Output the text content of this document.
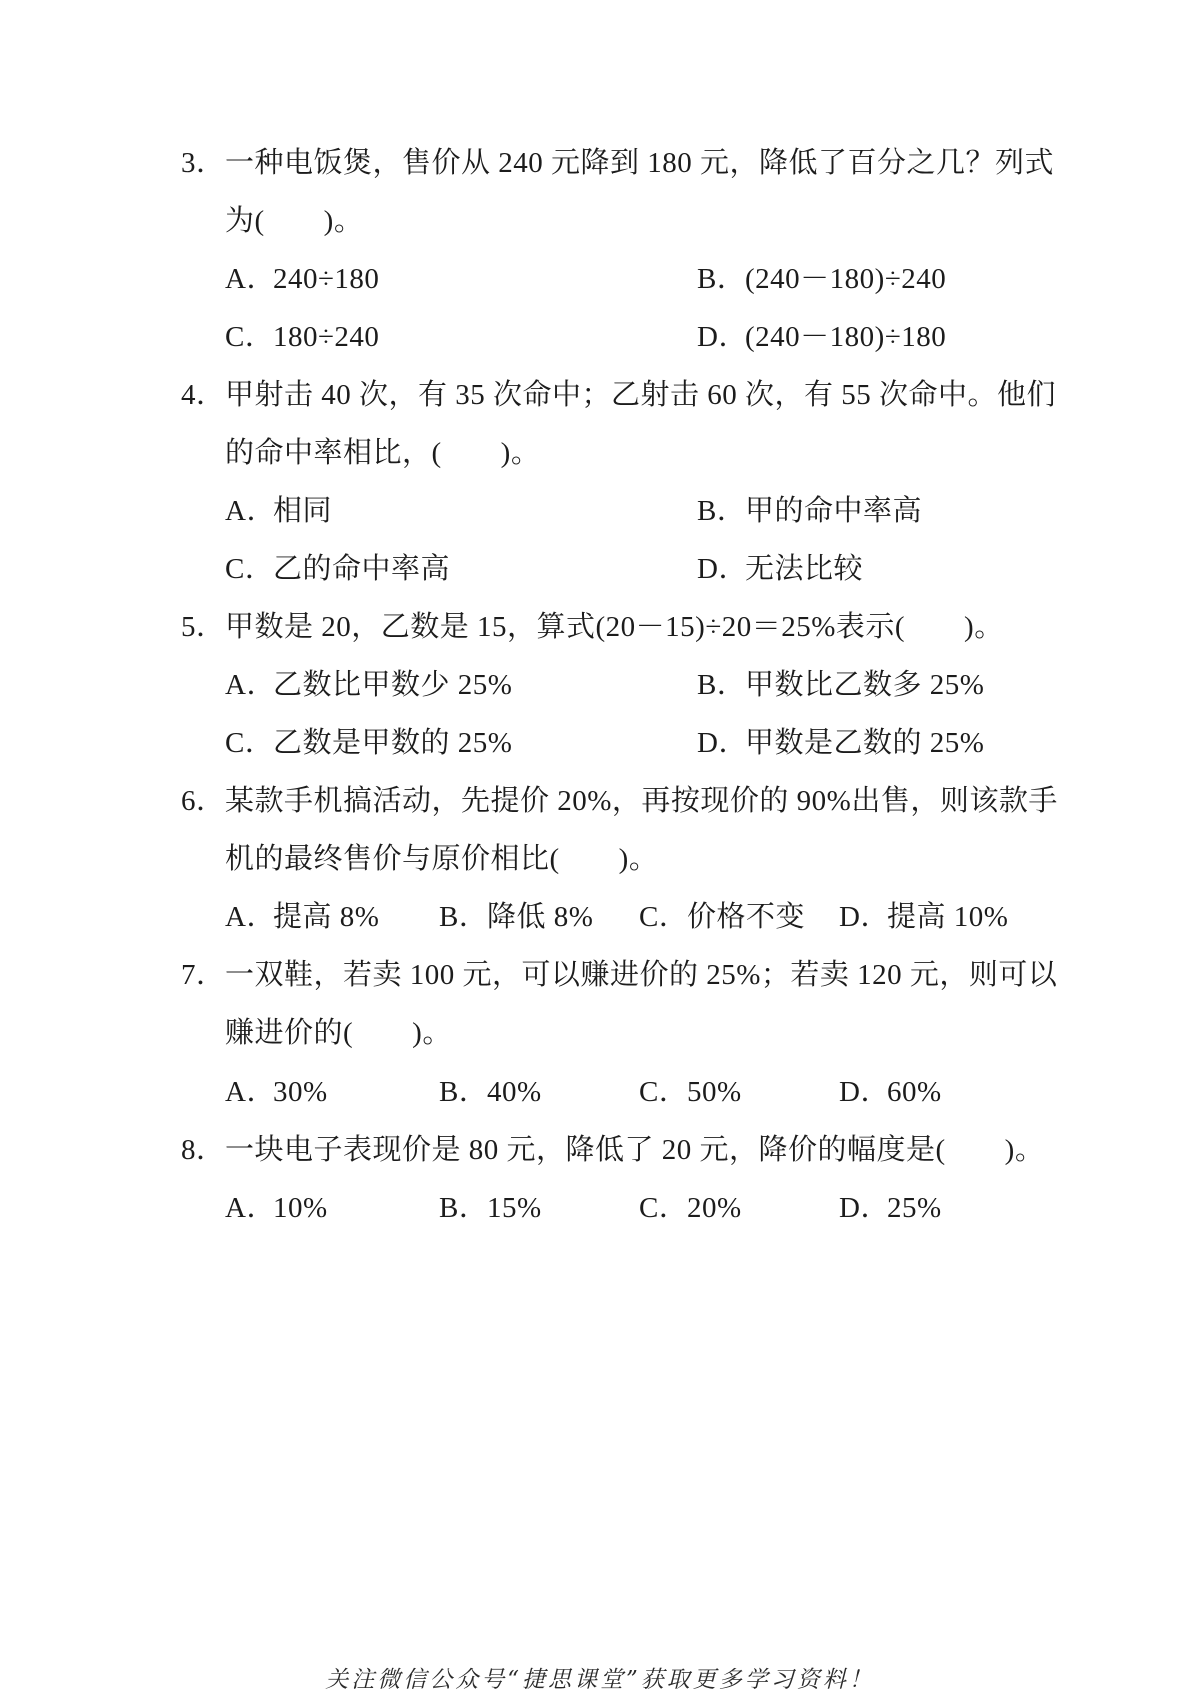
3． 一种电饭煲，售价从 240 元降到 180 元，降低了百分之几？列式
为(　　)。
A．240÷180	B．(240－180)÷240
C．180÷240	D．(240－180)÷180
4． 甲射击 40 次，有 35 次命中；乙射击 60 次，有 55 次命中。他们
的命中率相比，(　　)。
A．相同	B．甲的命中率高
C．乙的命中率高	D．无法比较
5． 甲数是 20，乙数是 15，算式(20－15)÷20＝25%表示(　　)。
A．乙数比甲数少 25%	B．甲数比乙数多 25%
C．乙数是甲数的 25%	D．甲数是乙数的 25%
6． 某款手机搞活动，先提价 20%，再按现价的 90%出售，则该款手
机的最终售价与原价相比(　　)。
A．提高 8% B．降低 8% C．价格不变 D．提高 10%
7． 一双鞋，若卖 100 元，可以赚进价的 25%；若卖 120 元，则可以
赚进价的(　　)。
A．30%	B．40%	C．50%	D．60%
8． 一块电子表现价是 80 元，降低了 20 元，降价的幅度是(　　)。
A．10%	B．15%	C．20%	D．25%
关注微信公众号“捷思课堂”获取更多学习资料！
